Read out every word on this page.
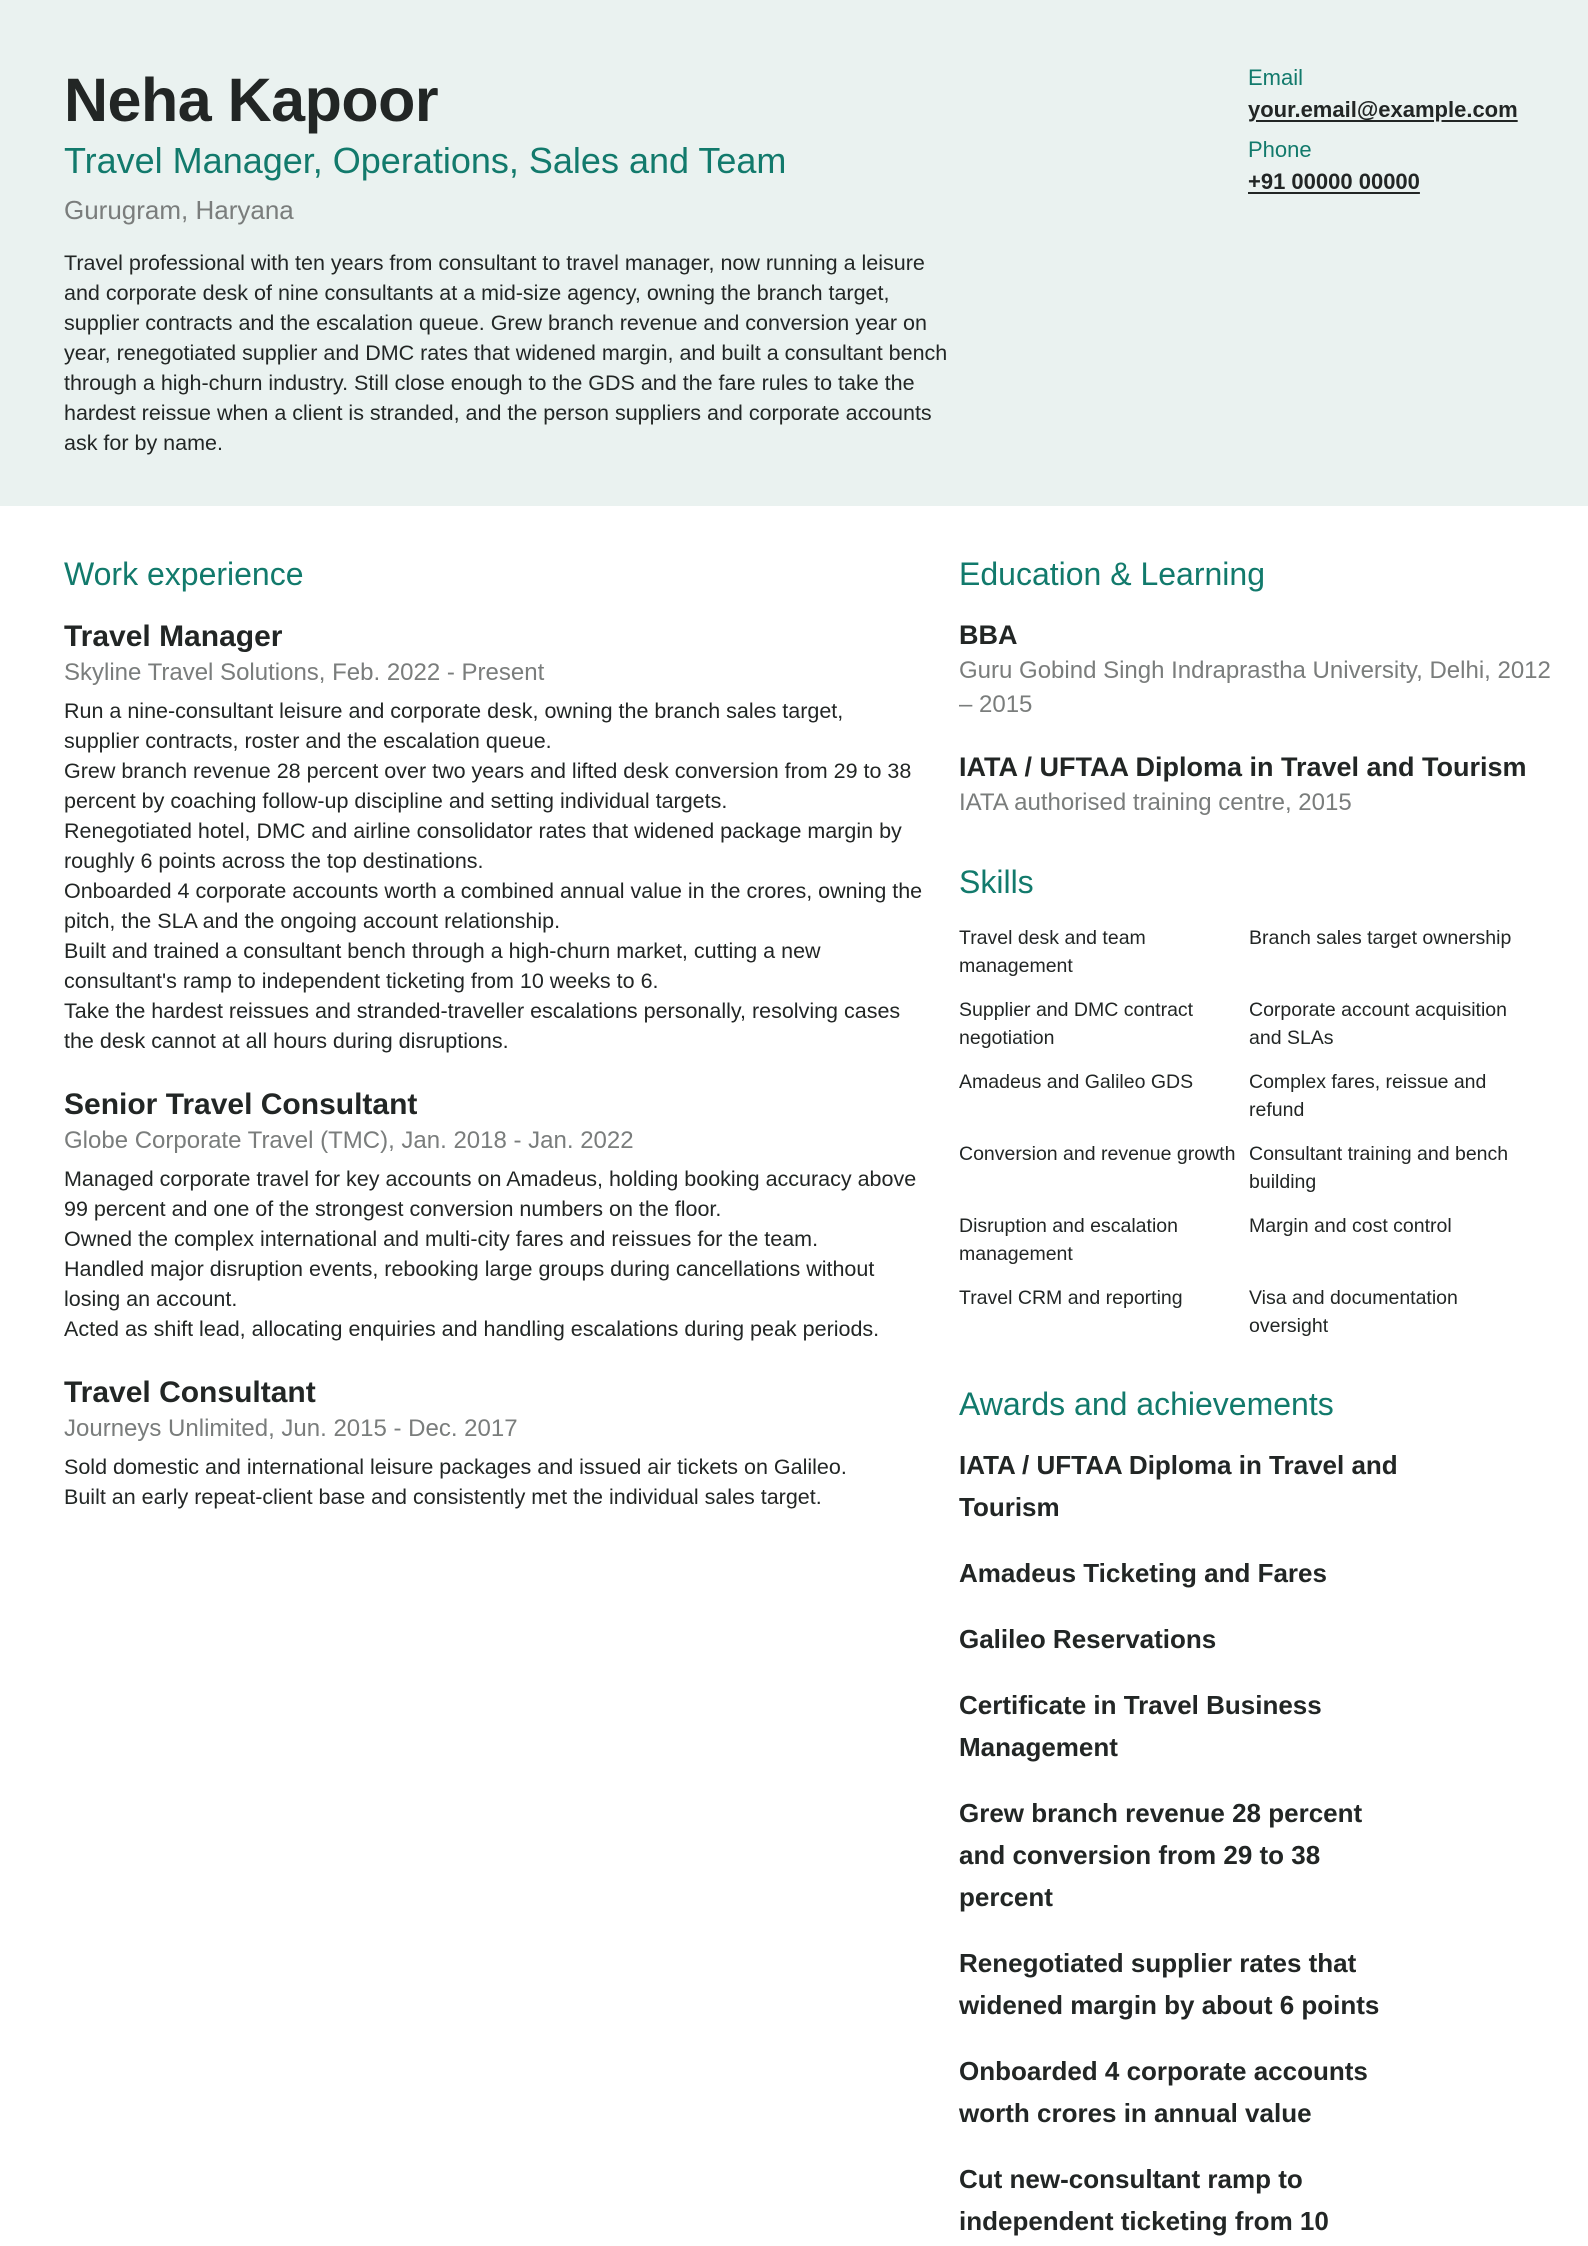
Neha Kapoor
Travel Manager, Operations, Sales and Team
Gurugram, Haryana

Travel professional with ten years from consultant to travel manager, now running a leisure and corporate desk of nine consultants at a mid-size agency, owning the branch target, supplier contracts and the escalation queue. Grew branch revenue and conversion year on year, renegotiated supplier and DMC rates that widened margin, and built a consultant bench through a high-churn industry. Still close enough to the GDS and the fare rules to take the hardest reissue when a client is stranded, and the person suppliers and corporate accounts ask for by name.

Email
your.email@example.com
Phone
+91 00000 00000
Work experience
Travel Manager
Skyline Travel Solutions, Feb. 2022 - Present
Run a nine-consultant leisure and corporate desk, owning the branch sales target, supplier contracts, roster and the escalation queue.
Grew branch revenue 28 percent over two years and lifted desk conversion from 29 to 38 percent by coaching follow-up discipline and setting individual targets.
Renegotiated hotel, DMC and airline consolidator rates that widened package margin by roughly 6 points across the top destinations.
Onboarded 4 corporate accounts worth a combined annual value in the crores, owning the pitch, the SLA and the ongoing account relationship.
Built and trained a consultant bench through a high-churn market, cutting a new consultant's ramp to independent ticketing from 10 weeks to 6.
Take the hardest reissues and stranded-traveller escalations personally, resolving cases the desk cannot at all hours during disruptions.
Senior Travel Consultant
Globe Corporate Travel (TMC), Jan. 2018 - Jan. 2022
Managed corporate travel for key accounts on Amadeus, holding booking accuracy above 99 percent and one of the strongest conversion numbers on the floor.
Owned the complex international and multi-city fares and reissues for the team.
Handled major disruption events, rebooking large groups during cancellations without losing an account.
Acted as shift lead, allocating enquiries and handling escalations during peak periods.
Travel Consultant
Journeys Unlimited, Jun. 2015 - Dec. 2017
Sold domestic and international leisure packages and issued air tickets on Galileo.
Built an early repeat-client base and consistently met the individual sales target.
Education & Learning
BBA
Guru Gobind Singh Indraprastha University, Delhi, 2012 – 2015
IATA / UFTAA Diploma in Travel and Tourism
IATA authorised training centre, 2015
Skills
Travel desk and team management
Branch sales target ownership
Supplier and DMC contract negotiation
Corporate account acquisition and SLAs
Amadeus and Galileo GDS	Complex fares, reissue and refund
Conversion and revenue growth Consultant training and bench building
Disruption and escalation management
Margin and cost control
Travel CRM and reporting	Visa and documentation oversight
Awards and achievements
IATA / UFTAA Diploma in Travel and Tourism
Amadeus Ticketing and Fares
Galileo Reservations
Certificate in Travel Business Management
Grew branch revenue 28 percent and conversion from 29 to 38 percent
Renegotiated supplier rates that widened margin by about 6 points
Onboarded 4 corporate accounts worth crores in annual value
Cut new-consultant ramp to independent ticketing from 10
